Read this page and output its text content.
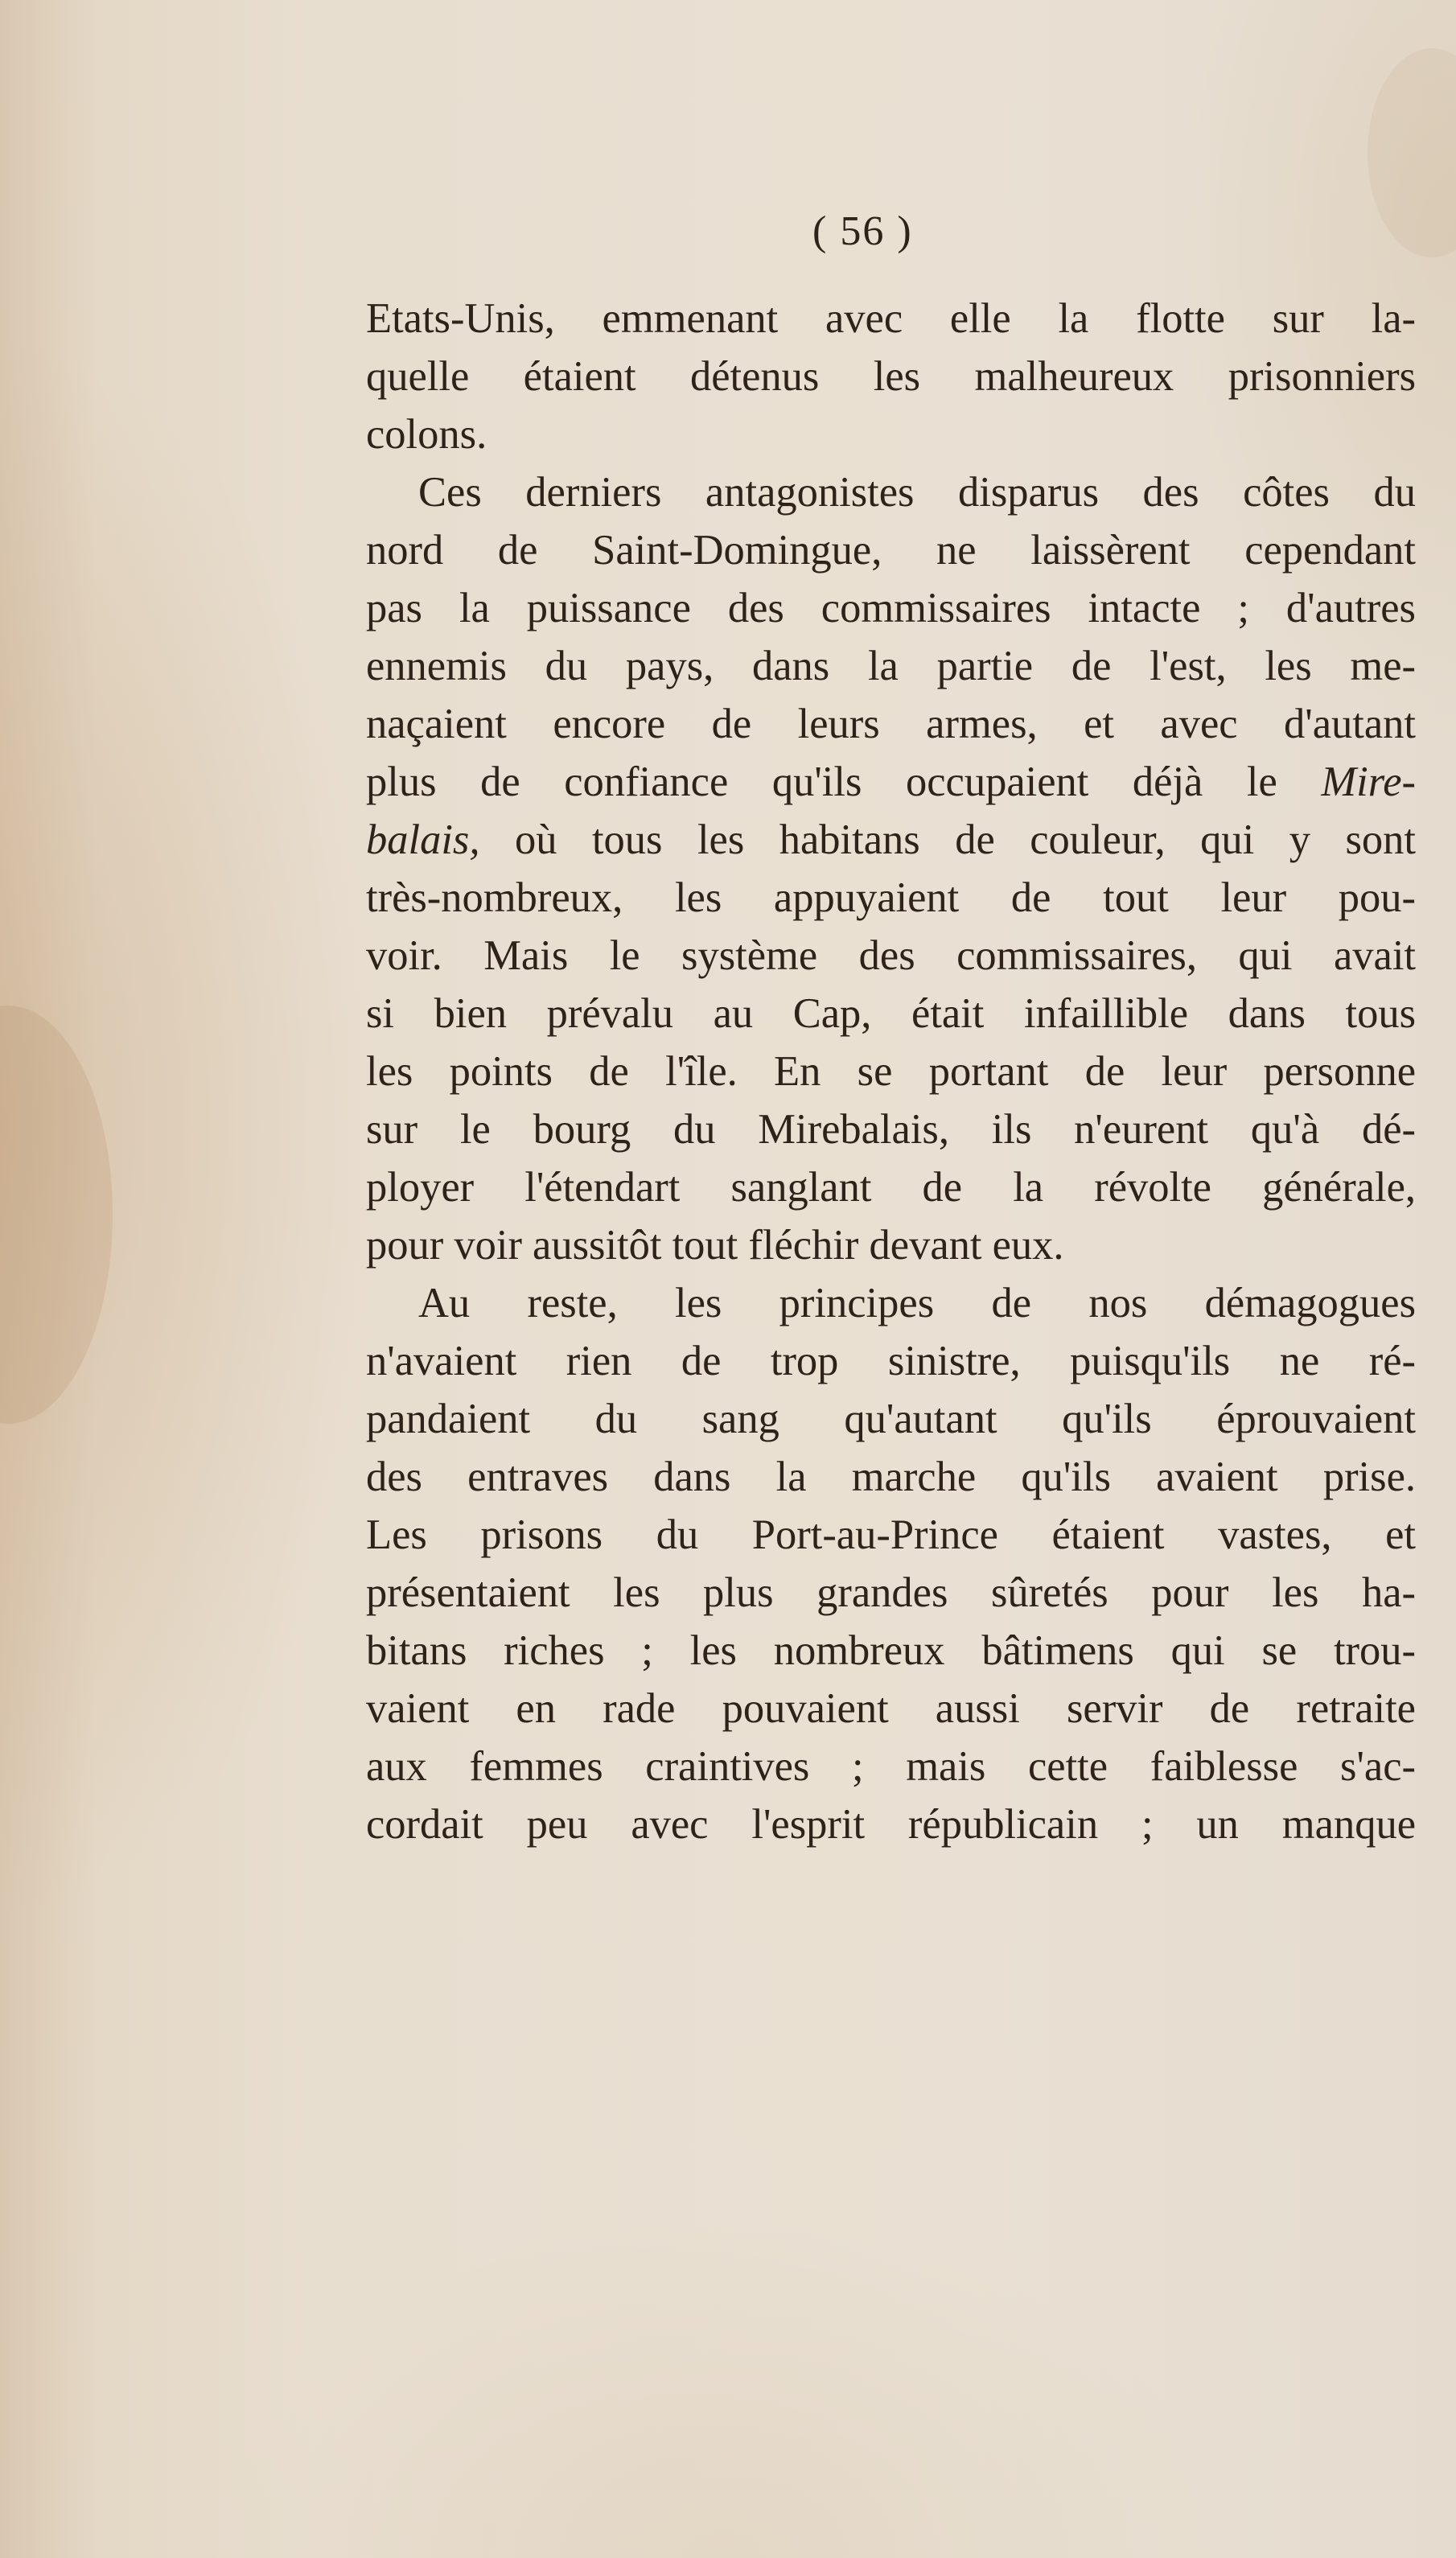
( 56 )
Etats-Unis, emmenant avec elle la flotte sur la-
quelle étaient détenus les malheureux prisonniers
colons.
Ces derniers antagonistes disparus des côtes du
nord de Saint-Domingue, ne laissèrent cependant
pas la puissance des commissaires intacte ; d'autres
ennemis du pays, dans la partie de l'est, les me-
naçaient encore de leurs armes, et avec d'autant
plus de confiance qu'ils occupaient déjà le Mire-
balais, où tous les habitans de couleur, qui y sont
très-nombreux, les appuyaient de tout leur pou-
voir. Mais le système des commissaires, qui avait
si bien prévalu au Cap, était infaillible dans tous
les points de l'île. En se portant de leur personne
sur le bourg du Mirebalais, ils n'eurent qu'à dé-
ployer l'étendart sanglant de la révolte générale,
pour voir aussitôt tout fléchir devant eux.
Au reste, les principes de nos démagogues
n'avaient rien de trop sinistre, puisqu'ils ne ré-
pandaient du sang qu'autant qu'ils éprouvaient
des entraves dans la marche qu'ils avaient prise.
Les prisons du Port-au-Prince étaient vastes, et
présentaient les plus grandes sûretés pour les ha-
bitans riches ; les nombreux bâtimens qui se trou-
vaient en rade pouvaient aussi servir de retraite
aux femmes craintives ; mais cette faiblesse s'ac-
cordait peu avec l'esprit républicain ; un manque
